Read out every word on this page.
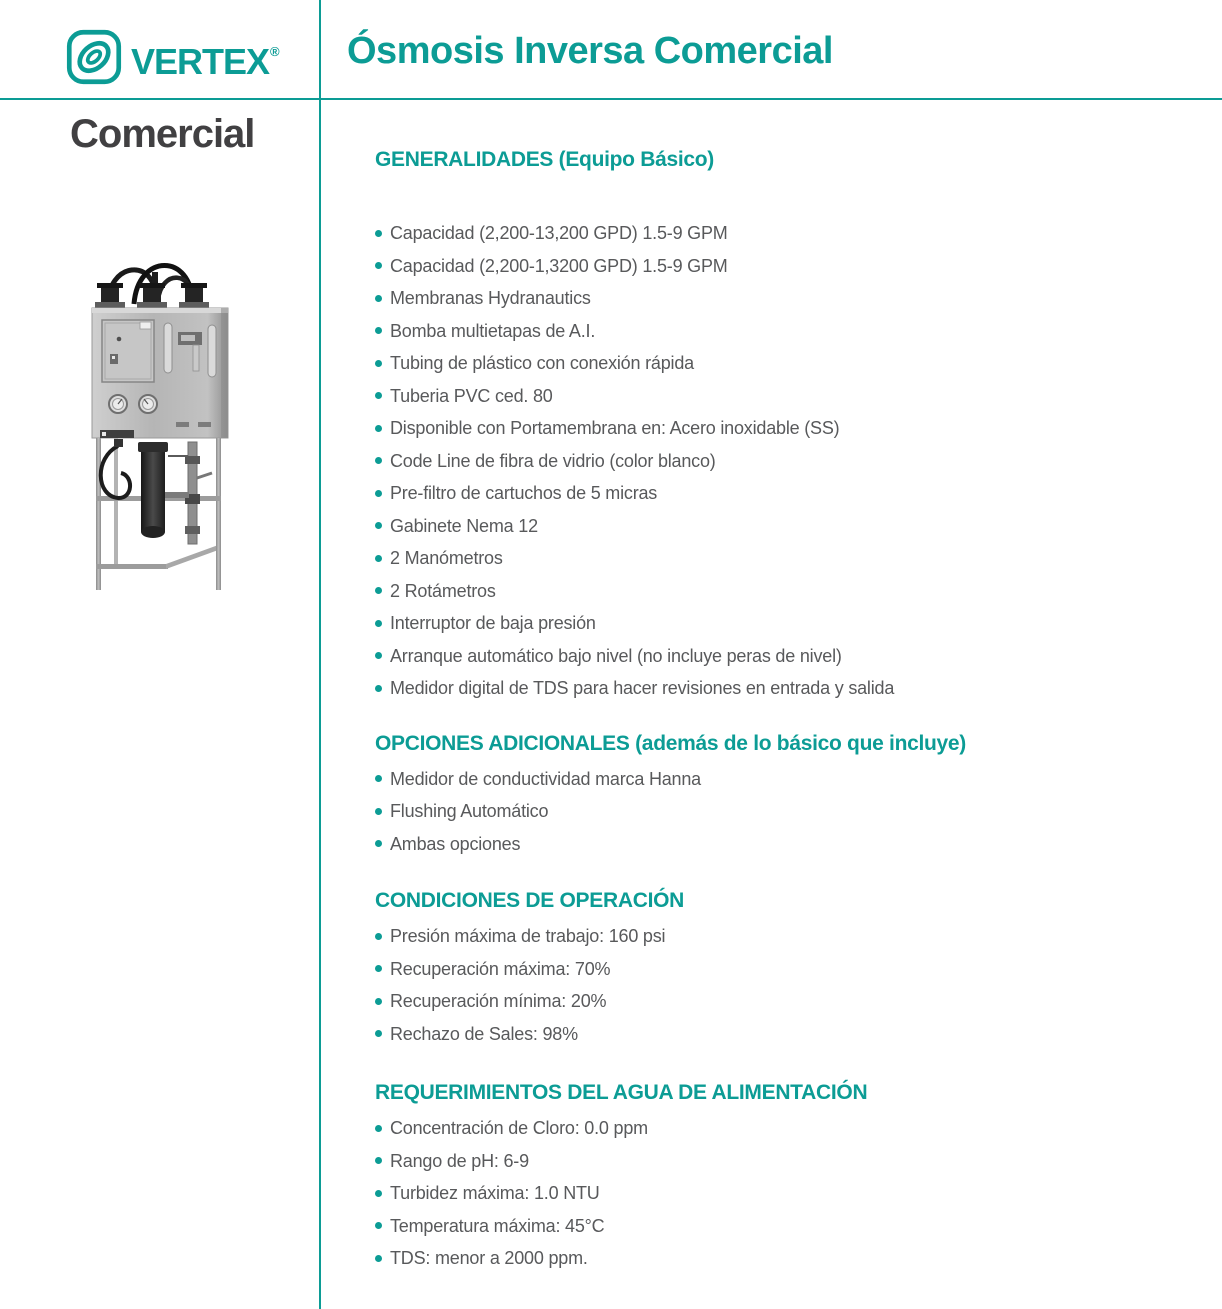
VERTEX® Ósmosis Inversa Comercial
Comercial
GENERALIDADES (Equipo Básico)
Capacidad (2,200-13,200 GPD) 1.5-9 GPM
Capacidad (2,200-1,3200 GPD) 1.5-9 GPM
Membranas Hydranautics
Bomba multietapas de A.I.
Tubing de plástico con conexión rápida
Tuberia PVC ced. 80
Disponible con Portamembrana en: Acero inoxidable (SS)
Code Line de fibra de vidrio (color blanco)
Pre-filtro de cartuchos de 5 micras
Gabinete Nema 12
2 Manómetros
2 Rotámetros
Interruptor de baja presión
Arranque automático bajo nivel (no incluye peras de nivel)
Medidor digital de TDS para hacer revisiones en entrada y salida
OPCIONES ADICIONALES (además de lo básico que incluye)
Medidor de conductividad marca Hanna
Flushing Automático
Ambas opciones
CONDICIONES DE OPERACIÓN
Presión máxima de trabajo: 160 psi
Recuperación máxima: 70%
Recuperación mínima: 20%
Rechazo de Sales: 98%
REQUERIMIENTOS DEL AGUA DE ALIMENTACIÓN
Concentración de Cloro: 0.0 ppm
Rango de pH: 6-9
Turbidez máxima: 1.0 NTU
Temperatura máxima: 45°C
TDS: menor a 2000 ppm.
